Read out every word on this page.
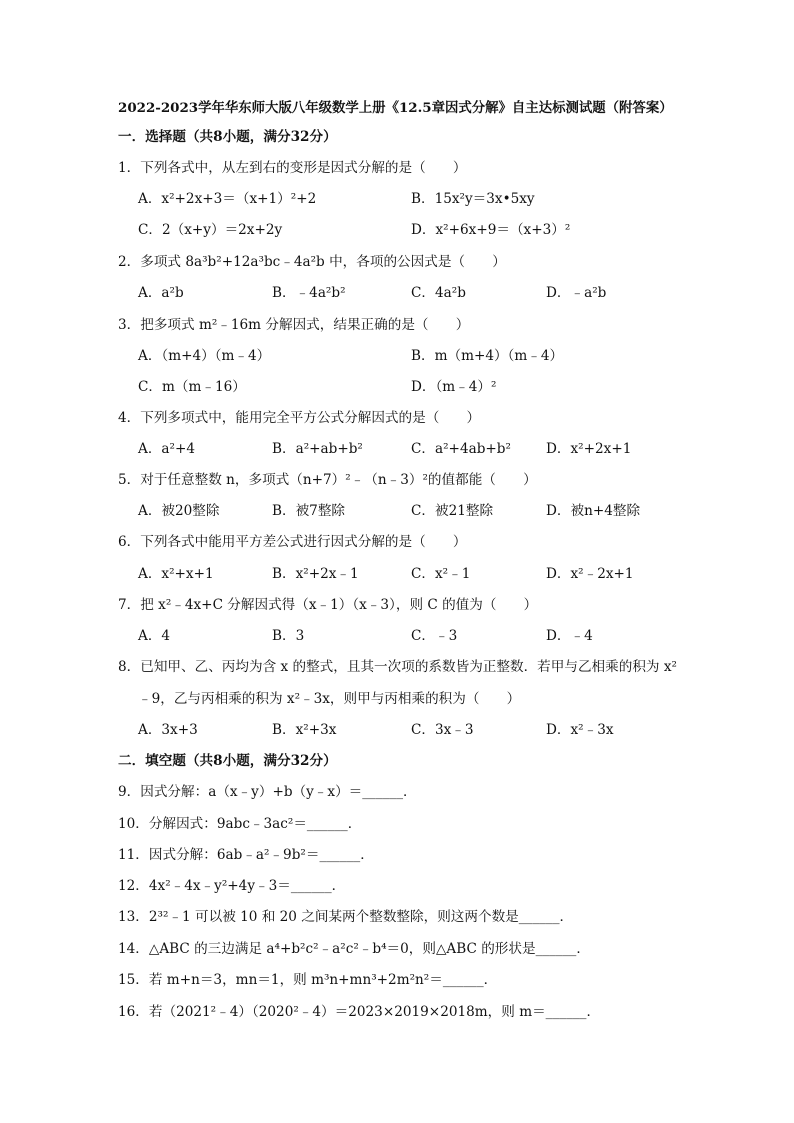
2022-2023学年华东师大版八年级数学上册《12.5章因式分解》自主达标测试题（附答案）
一．选择题（共8小题，满分32分）
1．下列各式中，从左到右的变形是因式分解的是（　　）
A．x²+2x+3＝（x+1）²+2	B．15x²y＝3x•5xy
C．2（x+y）＝2x+2y	D．x²+6x+9＝（x+3）²
2．多项式 8a³b²+12a³bc﹣4a²b 中，各项的公因式是（　　）
A．a²b	B．﹣4a²b²	C．4a²b	D．﹣a²b
3．把多项式 m²﹣16m 分解因式，结果正确的是（　　）
A．（m+4）（m﹣4）	B．m（m+4）（m﹣4）
C．m（m﹣16）	D．（m﹣4）²
4．下列多项式中，能用完全平方公式分解因式的是（　　）
A．a²+4	B．a²+ab+b²	C．a²+4ab+b²	D．x²+2x+1
5．对于任意整数 n，多项式（n+7）²﹣（n﹣3）²的值都能（　　）
A．被20整除	B．被7整除	C．被21整除	D．被n+4整除
6．下列各式中能用平方差公式进行因式分解的是（　　）
A．x²+x+1	B．x²+2x﹣1	C．x²﹣1	D．x²﹣2x+1
7．把 x²﹣4x+C 分解因式得（x﹣1）（x﹣3），则 C 的值为（　　）
A．4	B．3	C．﹣3	D．﹣4
8．已知甲、乙、丙均为含 x 的整式，且其一次项的系数皆为正整数．若甲与乙相乘的积为 x²
﹣9，乙与丙相乘的积为 x²﹣3x，则甲与丙相乘的积为（　　）
A．3x+3	B．x²+3x	C．3x﹣3	D．x²﹣3x
二．填空题（共8小题，满分32分）
9．因式分解：a（x﹣y）+b（y﹣x）＝______．
10．分解因式：9abc﹣3ac²＝______．
11．因式分解：6ab﹣a²﹣9b²＝______．
12．4x²﹣4x﹣y²+4y﹣3＝______．
13．2³²﹣1 可以被 10 和 20 之间某两个整数整除，则这两个数是______．
14．△ABC 的三边满足 a⁴+b²c²﹣a²c²﹣b⁴＝0，则△ABC 的形状是______．
15．若 m+n＝3，mn＝1，则 m³n+mn³+2m²n²＝______．
16．若（2021²﹣4）（2020²﹣4）＝2023×2019×2018m，则 m＝______．
